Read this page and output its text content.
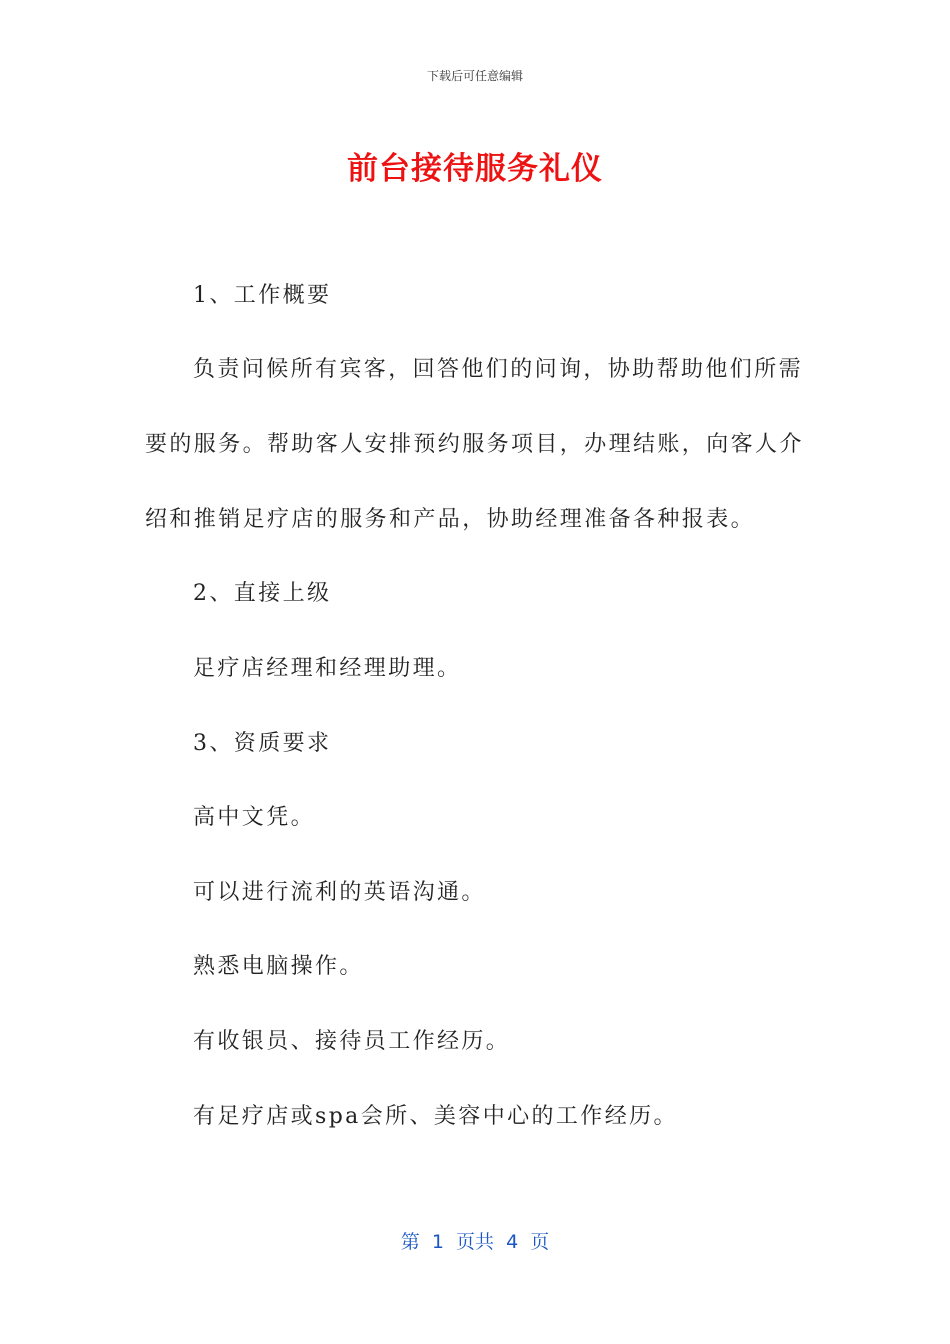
下载后可任意编辑
前台接待服务礼仪
1、工作概要
负责问候所有宾客，回答他们的问询，协助帮助他们所需
要的服务。帮助客人安排预约服务项目，办理结账，向客人介
绍和推销足疗店的服务和产品，协助经理准备各种报表。
2、直接上级
足疗店经理和经理助理。
3、资质要求
高中文凭。
可以进行流利的英语沟通。
熟悉电脑操作。
有收银员、接待员工作经历。
有足疗店或spa会所、美容中心的工作经历。
第  1  页共  4  页
